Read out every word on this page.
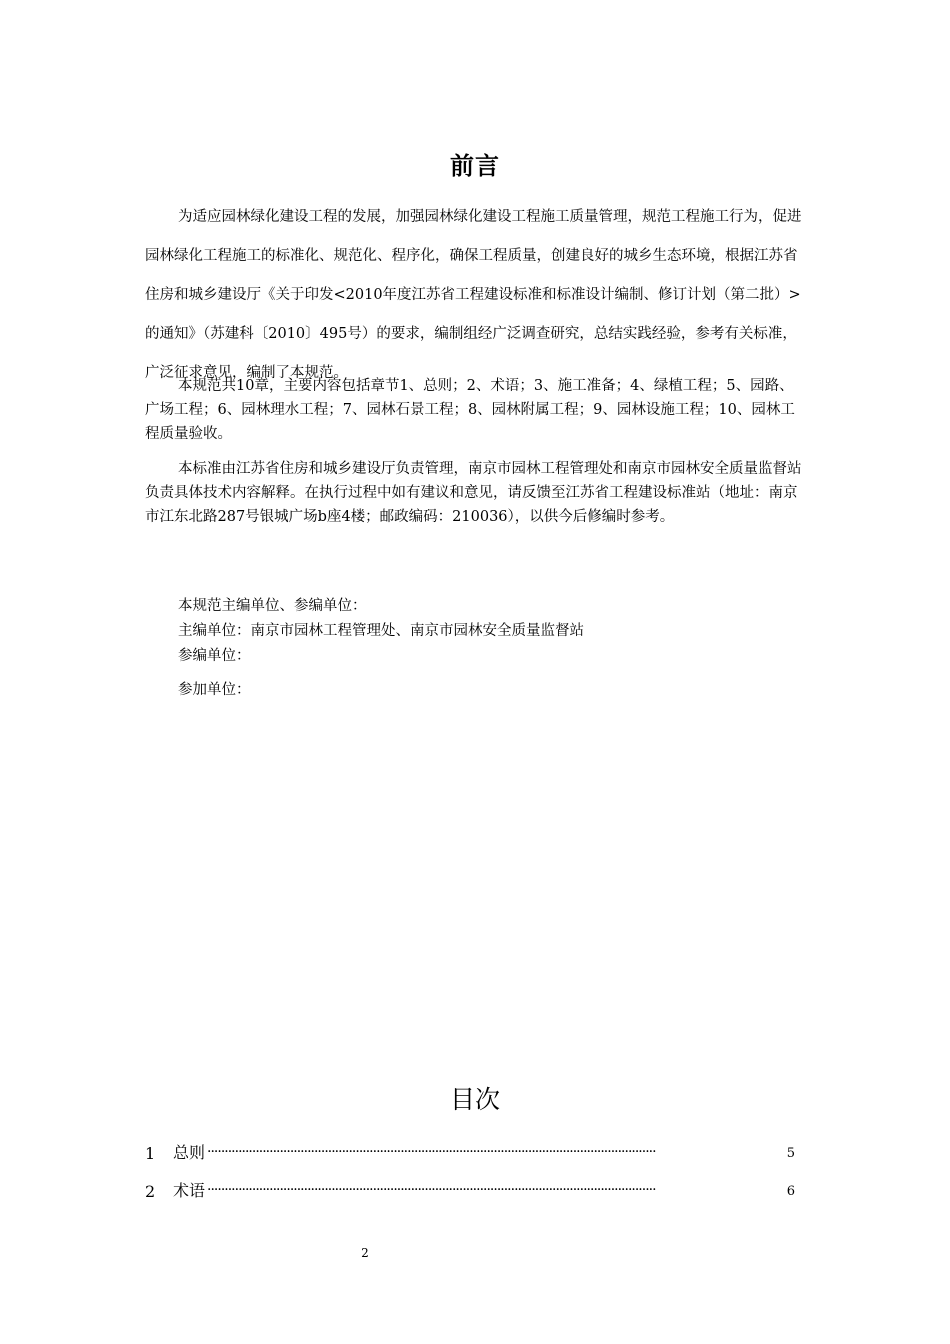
前言

为适应园林绿化建设工程的发展，加强园林绿化建设工程施工质量管理，规范工程施工行为，促进园林绿化工程施工的标准化、规范化、程序化，确保工程质量，创建良好的城乡生态环境，根据江苏省住房和城乡建设厅《关于印发<2010年度江苏省工程建设标准和标准设计编制、修订计划（第二批）>的通知》（苏建科〔2010〕495号）的要求，编制组经广泛调查研究，总结实践经验，参考有关标准，广泛征求意见，编制了本规范。

本规范共10章，主要内容包括章节1、总则；2、术语；3、施工准备；4、绿植工程；5、园路、广场工程；6、园林理水工程；7、园林石景工程；8、园林附属工程；9、园林设施工程；10、园林工程质量验收。

本标准由江苏省住房和城乡建设厅负责管理，南京市园林工程管理处和南京市园林安全质量监督站负责具体技术内容解释。在执行过程中如有建议和意见，请反馈至江苏省工程建设标准站（地址：南京市江东北路287号银城广场b座4楼；邮政编码：210036），以供今后修编时参考。

本规范主编单位、参编单位：
主编单位：南京市园林工程管理处、南京市园林安全质量监督站
参编单位：
参加单位：
目次
1	总则 ··································································································································	5
2	术语 ··································································································································	6
2
